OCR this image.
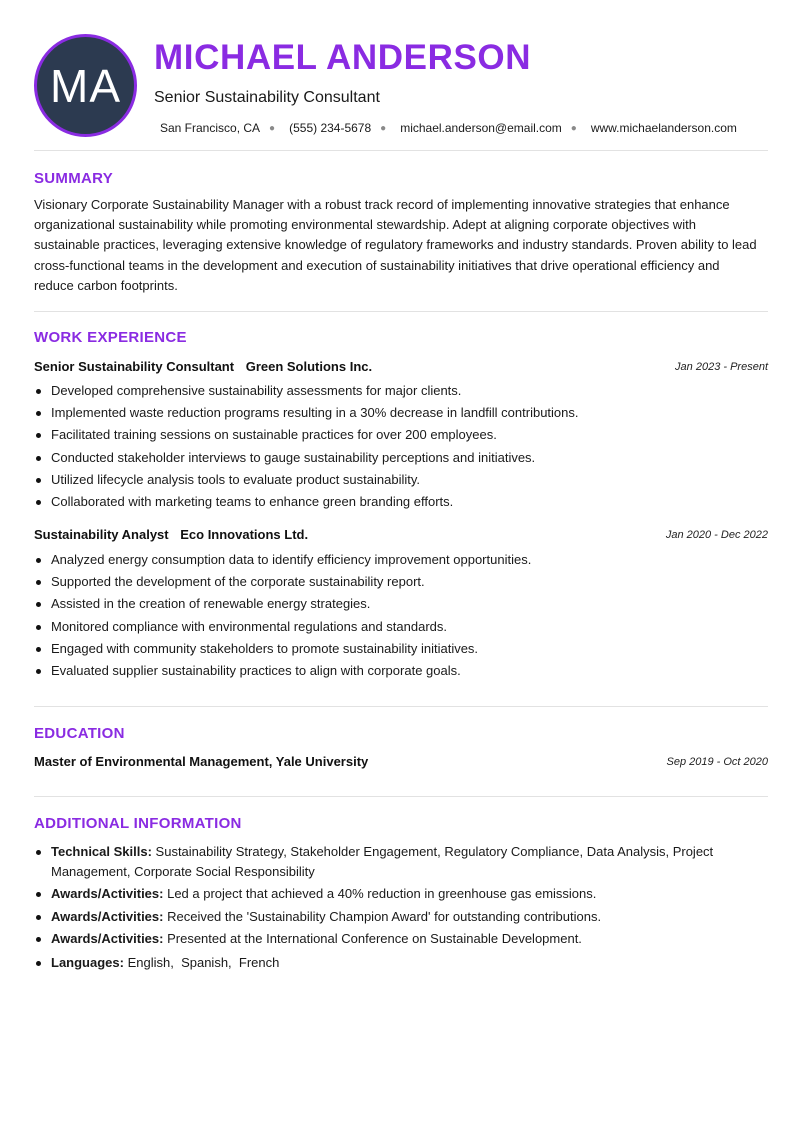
MA
MICHAEL ANDERSON
Senior Sustainability Consultant
San Francisco, CA ● (555) 234-5678 ● michael.anderson@email.com ● www.michaelanderson.com
SUMMARY
Visionary Corporate Sustainability Manager with a robust track record of implementing innovative strategies that enhance organizational sustainability while promoting environmental stewardship. Adept at aligning corporate objectives with sustainable practices, leveraging extensive knowledge of regulatory frameworks and industry standards. Proven ability to lead cross-functional teams in the development and execution of sustainability initiatives that drive operational efficiency and reduce carbon footprints.
WORK EXPERIENCE
Senior Sustainability Consultant Green Solutions Inc.	Jan 2023 - Present
Developed comprehensive sustainability assessments for major clients.
Implemented waste reduction programs resulting in a 30% decrease in landfill contributions.
Facilitated training sessions on sustainable practices for over 200 employees.
Conducted stakeholder interviews to gauge sustainability perceptions and initiatives.
Utilized lifecycle analysis tools to evaluate product sustainability.
Collaborated with marketing teams to enhance green branding efforts.
Sustainability Analyst Eco Innovations Ltd.	Jan 2020 - Dec 2022
Analyzed energy consumption data to identify efficiency improvement opportunities.
Supported the development of the corporate sustainability report.
Assisted in the creation of renewable energy strategies.
Monitored compliance with environmental regulations and standards.
Engaged with community stakeholders to promote sustainability initiatives.
Evaluated supplier sustainability practices to align with corporate goals.
EDUCATION
Master of Environmental Management, Yale University	Sep 2019 - Oct 2020
ADDITIONAL INFORMATION
Technical Skills: Sustainability Strategy, Stakeholder Engagement, Regulatory Compliance, Data Analysis, Project Management, Corporate Social Responsibility
Awards/Activities: Led a project that achieved a 40% reduction in greenhouse gas emissions.
Awards/Activities: Received the 'Sustainability Champion Award' for outstanding contributions.
Awards/Activities: Presented at the International Conference on Sustainable Development.
Languages: English,  Spanish,  French
